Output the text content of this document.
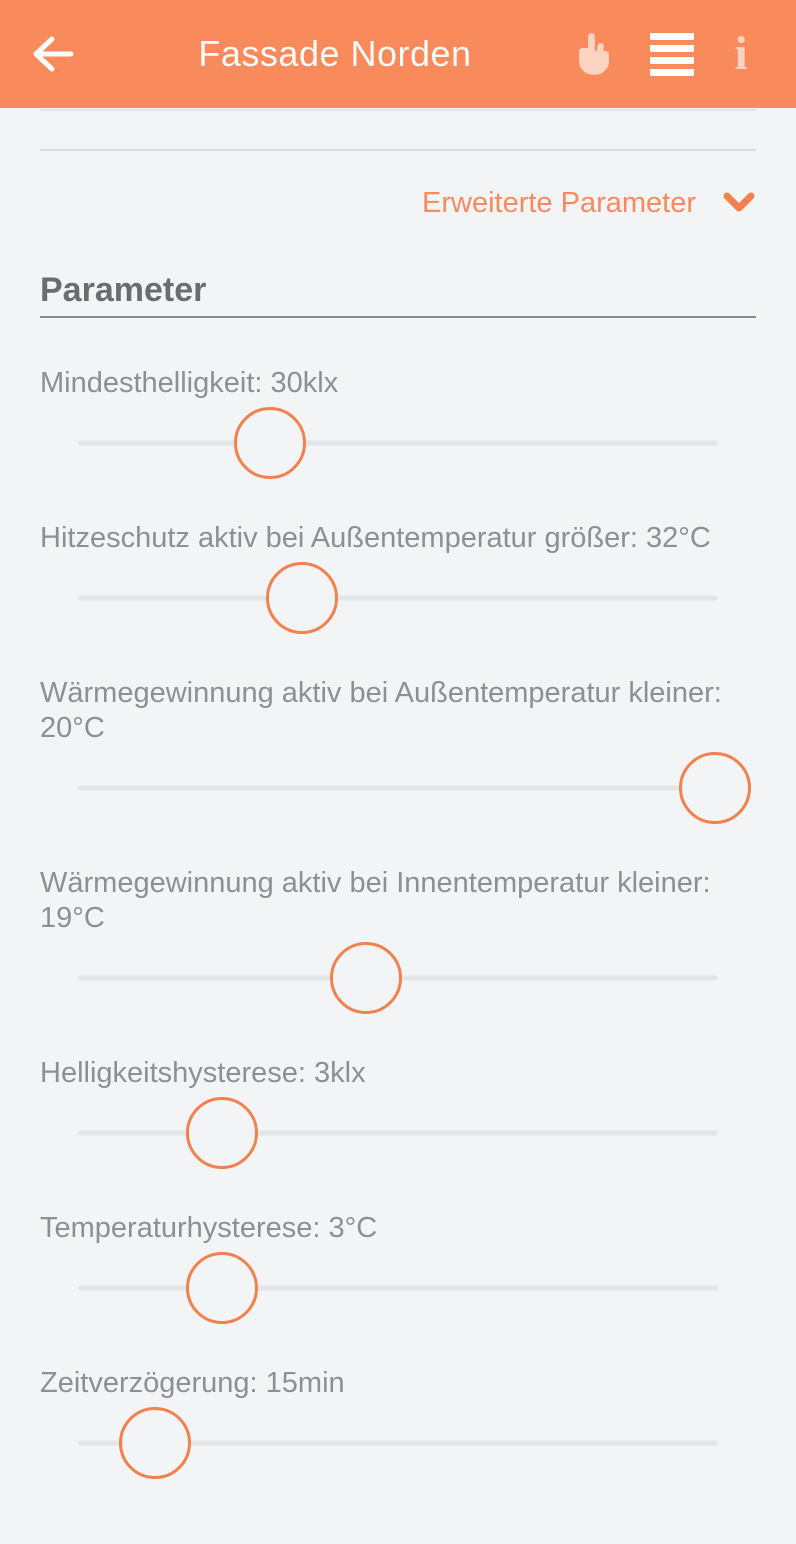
Fassade Norden	i
Erweiterte Parameter
Parameter
Mindesthelligkeit: 30klx
Hitzeschutz aktiv bei Außentemperatur größer: 32°C
Wärmegewinnung aktiv bei Außentemperatur kleiner: 20°C
Wärmegewinnung aktiv bei Innentemperatur kleiner: 19°C
Helligkeitshysterese: 3klx
Temperaturhysterese: 3°C
Zeitverzögerung: 15min
